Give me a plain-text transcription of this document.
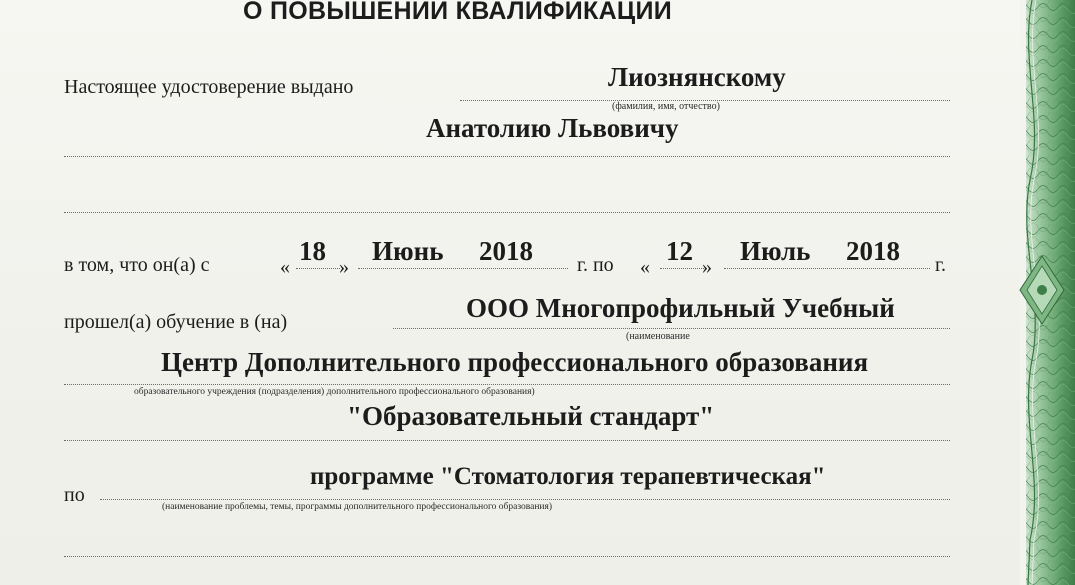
О ПОВЫШЕНИИ КВАЛИФИКАЦИИ
Настоящее удостоверение выдано	Лиознянскому
(фамилия, имя, отчество)
Анатолию Львовичу
в том, что он(а) с	«
18
»
Июнь 2018 г. по «
12
»
Июль 2018 г.
прошел(а) обучение в (на)	ООО Многопрофильный Учебный
(наименование
Центр Дополнительного профессионального образования
образовательного учреждения (подразделения) дополнительного профессионального образования)
"Образовательный стандарт"
по
программе "Стоматология терапевтическая"
(наименование проблемы, темы, программы дополнительного профессионального образования)
